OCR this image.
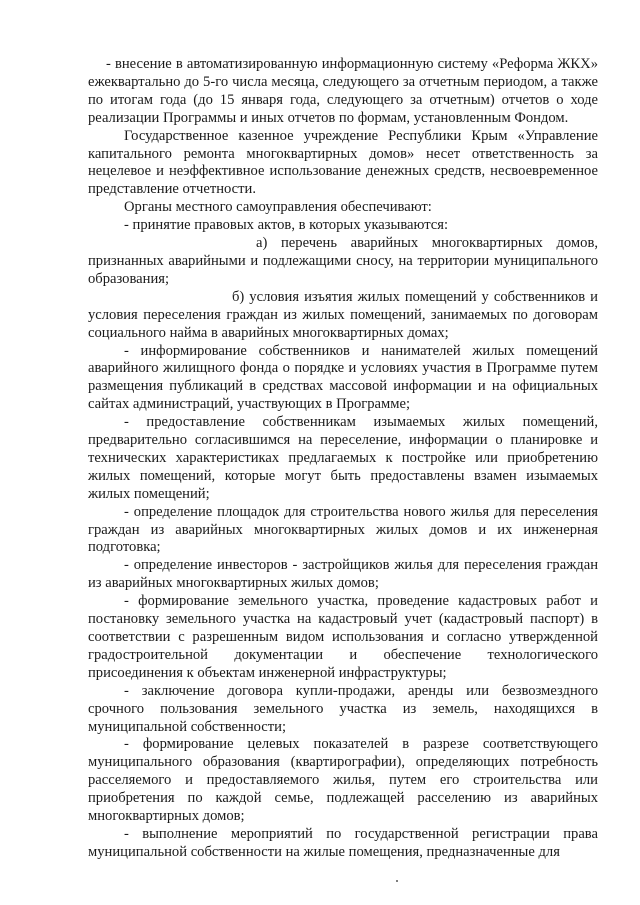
- внесение в автоматизированную информационную систему «Реформа ЖКХ» ежеквартально до 5-го числа месяца, следующего за отчетным периодом, а также по итогам года (до 15 января года, следующего за отчетным) отчетов о ходе реализации Программы и иных отчетов по формам, установленным Фондом.

Государственное казенное учреждение Республики Крым «Управление капитального ремонта многоквартирных домов» несет ответственность за нецелевое и неэффективное использование денежных средств, несвоевременное представление отчетности.

Органы местного самоуправления обеспечивают:

- принятие правовых актов, в которых указываются:

а) перечень аварийных многоквартирных домов, признанных аварийными и подлежащими сносу, на территории муниципального образования;

б) условия изъятия жилых помещений у собственников и условия переселения граждан из жилых помещений, занимаемых по договорам социального найма в аварийных многоквартирных домах;

- информирование собственников и нанимателей жилых помещений аварийного жилищного фонда о порядке и условиях участия в Программе путем размещения публикаций в средствах массовой информации и на официальных сайтах администраций, участвующих в Программе;

- предоставление собственникам изымаемых жилых помещений, предварительно согласившимся на переселение, информации о планировке и технических характеристиках предлагаемых к постройке или приобретению жилых помещений, которые могут быть предоставлены взамен изымаемых жилых помещений;

- определение площадок для строительства нового жилья для переселения граждан из аварийных многоквартирных жилых домов и их инженерная подготовка;

- определение инвесторов - застройщиков жилья для переселения граждан из аварийных многоквартирных жилых домов;

- формирование земельного участка, проведение кадастровых работ и постановку земельного участка на кадастровый учет (кадастровый паспорт) в соответствии с разрешенным видом использования и согласно утвержденной градостроительной документации и обеспечение технологического присоединения к объектам инженерной инфраструктуры;

- заключение договора купли-продажи, аренды или безвозмездного срочного пользования земельного участка из земель, находящихся в муниципальной собственности;

- формирование целевых показателей в разрезе соответствующего муниципального образования (квартирографии), определяющих потребность расселяемого и предоставляемого жилья, путем его строительства или приобретения по каждой семье, подлежащей расселению из аварийных многоквартирных домов;

- выполнение мероприятий по государственной регистрации права муниципальной собственности на жилые помещения, предназначенные для
